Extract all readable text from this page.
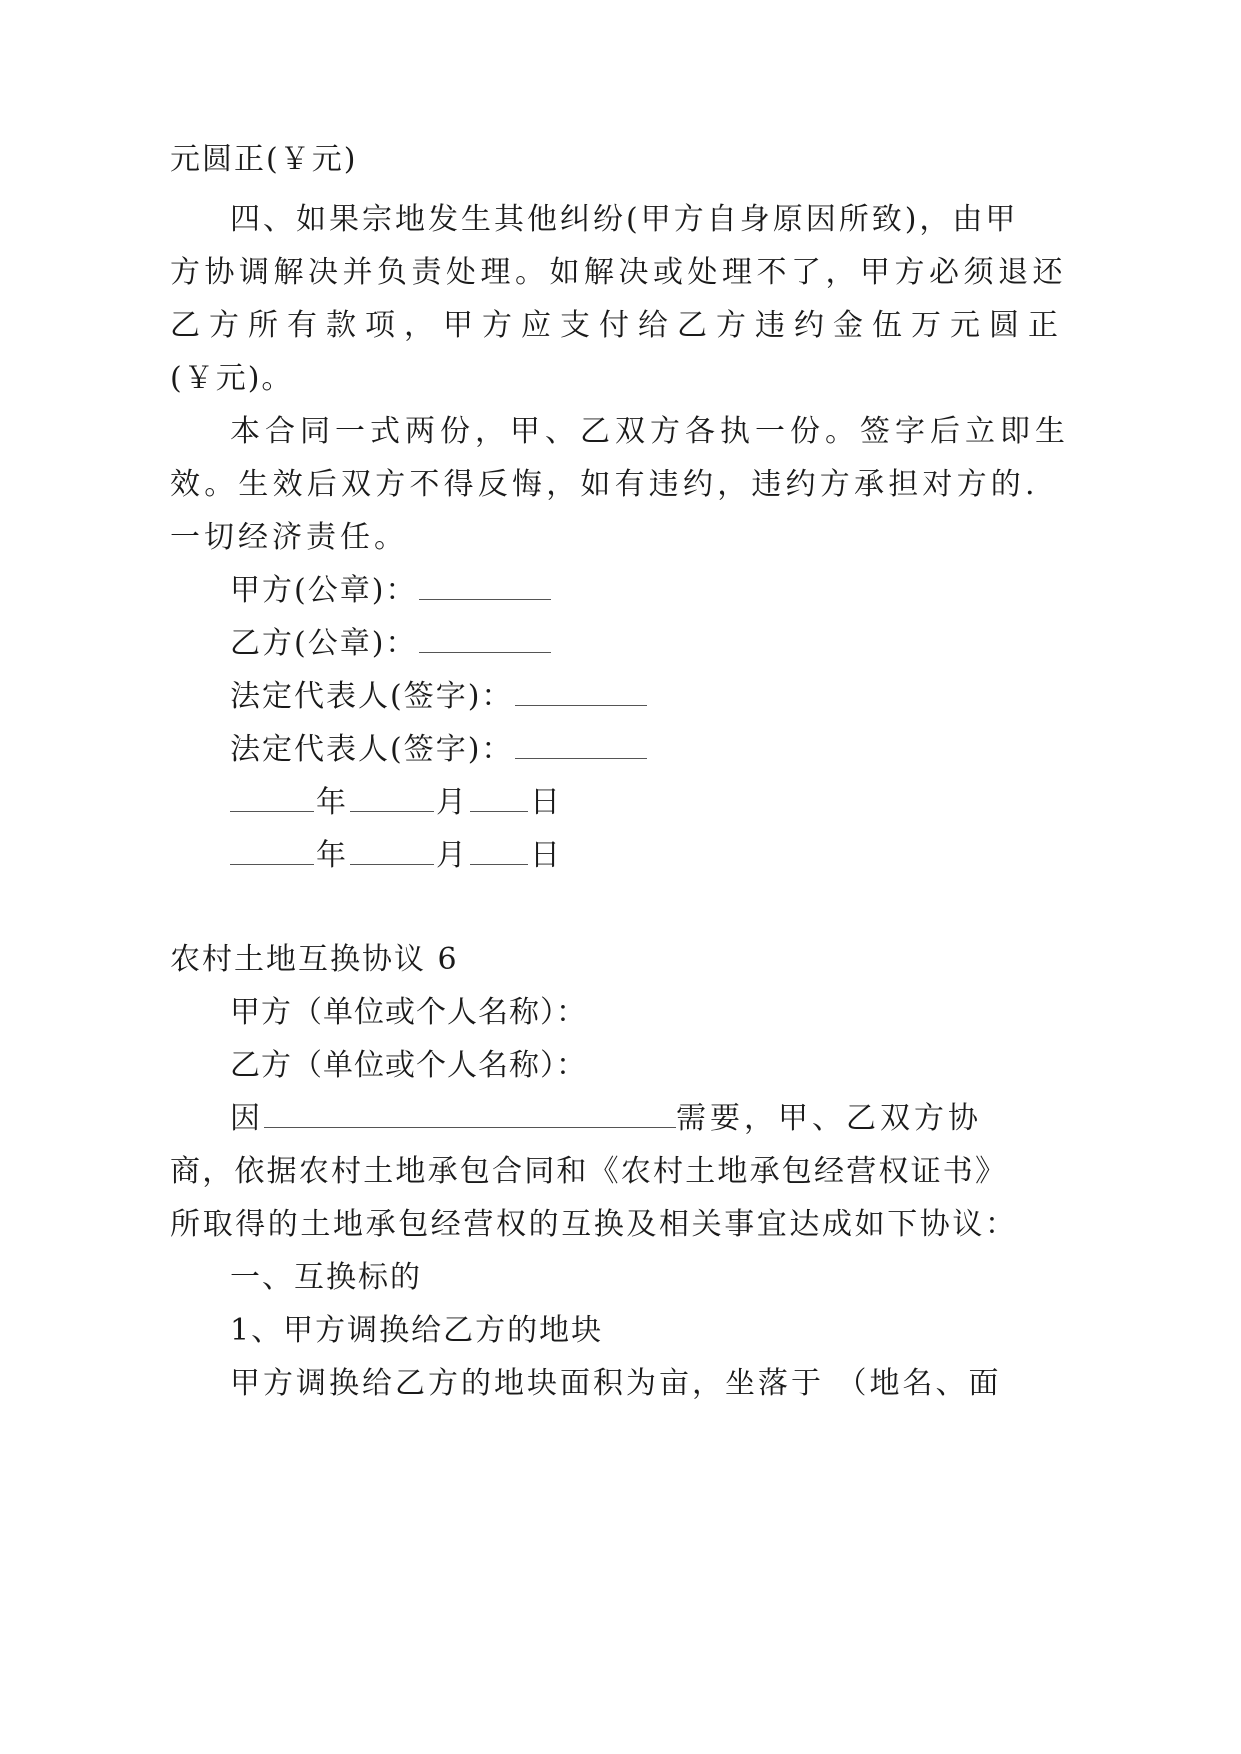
元圆正(￥元)
四、如果宗地发生其他纠纷(甲方自身原因所致)，由甲
方协调解决并负责处理。如解决或处理不了，甲方必须退还
乙方所有款项，甲方应支付给乙方违约金伍万元圆正
(￥元)。
本合同一式两份，甲、乙双方各执一份。签字后立即生
效。生效后双方不得反悔，如有违约，违约方承担对方的.
一切经济责任。
甲方(公章)：
乙方(公章)：
法定代表人(签字)：
法定代表人(签字)：
年	月 日
年	月 日
农村土地互换协议 6
甲方（单位或个人名称）：
乙方（单位或个人名称）：
因	需要，甲、乙双方协
商，依据农村土地承包合同和《农村土地承包经营权证书》
所取得的土地承包经营权的互换及相关事宜达成如下协议：
一、互换标的
1、甲方调换给乙方的地块
甲方调换给乙方的地块面积为亩，坐落于 （地名、面
